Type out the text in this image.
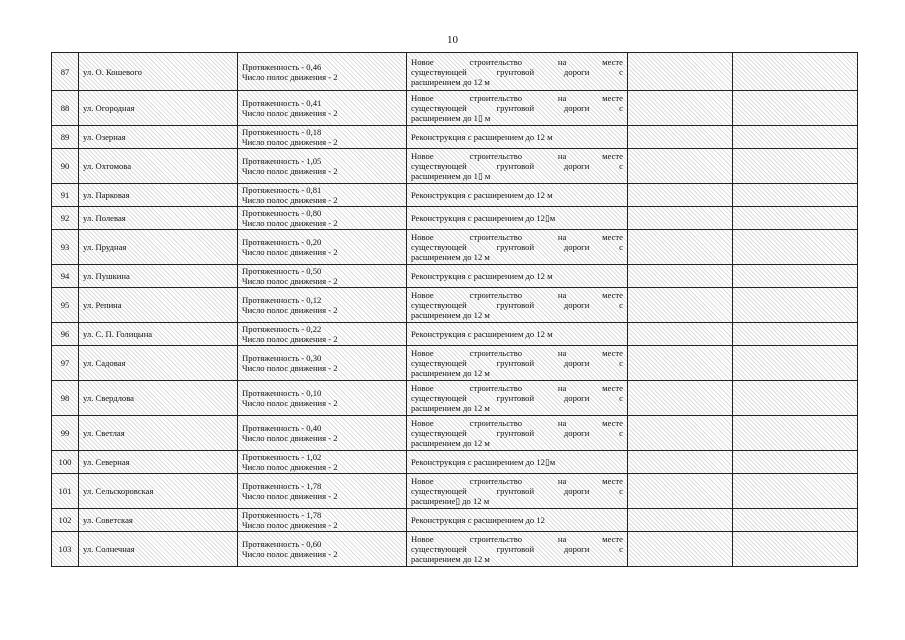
10
87	ул. О. Кошевого	Протяженность - 0,46
Число полос движения - 2	Новое строительство на месте
существующей грунтовой дороги с
расширением до 12 м		

88	ул. Огородная	Протяженность - 0,41
Число полос движения - 2	Новое строительство на месте
существующей грунтовой дороги с
расширением до 1▯ м		

89	ул. Озерная	Протяженность - 0,18
Число полос движения - 2	Реконструкция с расширением до 12 м		

90	ул. Охтомова	Протяженность - 1,05
Число полос движения - 2	Новое строительство на месте
существующей грунтовой дороги с
расширением до 1▯ м		

91	ул. Парковая	Протяженность - 0,81
Число полос движения - 2	Реконструкция с расширением до 12 м		

92	ул. Полевая	Протяженность - 0,80
Число полос движения - 2	Реконструкция с расширением до 12▯м		

93	ул. Прудная	Протяженность - 0,20
Число полос движения - 2	Новое строительство на месте
существующей грунтовой дороги с
расширением до 12 м		

94	ул. Пушкина	Протяженность - 0,50
Число полос движения - 2	Реконструкция с расширением до 12 м		

95	ул. Репина	Протяженность - 0,12
Число полос движения - 2	Новое строительство на месте
существующей грунтовой дороги с
расширением до 12 м		

96	ул. С. П. Голицына	Протяженность - 0,22
Число полос движения - 2	Реконструкция с расширением до 12 м		

97	ул. Садовая	Протяженность - 0,30
Число полос движения - 2	Новое строительство на месте
существующей грунтовой дороги с
расширением до 12 м		

98	ул. Свердлова	Протяженность - 0,10
Число полос движения - 2	Новое строительство на месте
существующей грунтовой дороги с
расширением до 12 м		

99	ул. Светлая	Протяженность - 0,40
Число полос движения - 2	Новое строительство на месте
существующей грунтовой дороги с
расширением до 12 м		

100	ул. Северная	Протяженность - 1,02
Число полос движения - 2	Реконструкция с расширением до 12▯м		

101	ул. Сельскоровская	Протяженность - 1,78
Число полос движения - 2	Новое строительство на месте
существующей грунтовой дороги с
расширение▯ до 12 м		

102	ул. Советская	Протяженность - 1,78
Число полос движения - 2	Реконструкция с расширением до 12		

103	ул. Солнечная	Протяженность - 0,60
Число полос движения - 2	Новое строительство на месте
существующей грунтовой дороги с
расширением до 12 м		
